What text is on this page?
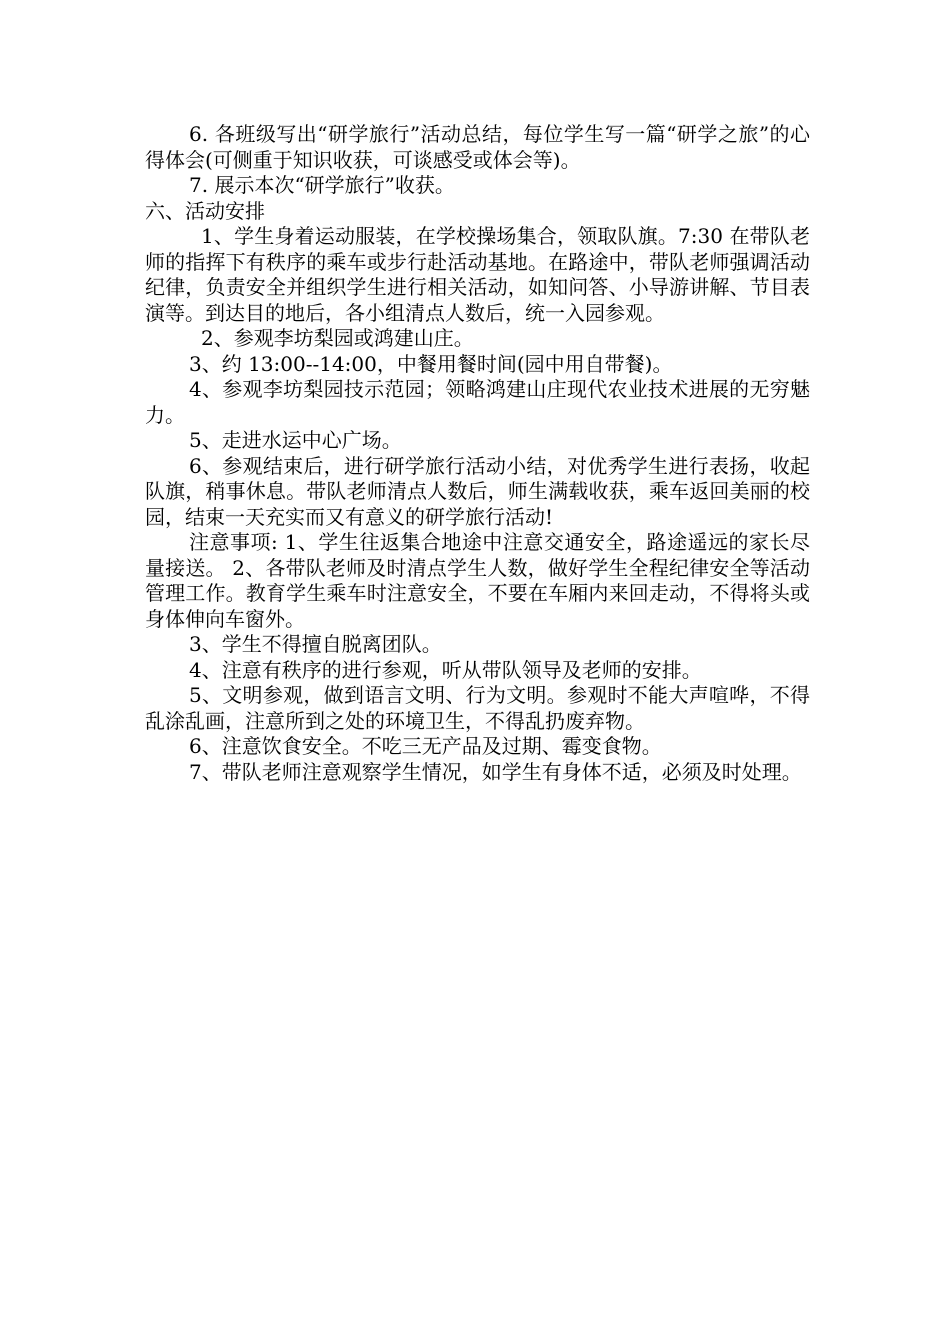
6. 各班级写出“研学旅行”活动总结，每位学生写一篇“研学之旅”的心得体会(可侧重于知识收获，可谈感受或体会等)。

7. 展示本次“研学旅行”收获。

六、活动安排

1、学生身着运动服装，在学校操场集合，领取队旗。7:30 在带队老师的指挥下有秩序的乘车或步行赴活动基地。在路途中，带队老师强调活动纪律，负责安全并组织学生进行相关活动，如知问答、小导游讲解、节目表演等。到达目的地后，各小组清点人数后，统一入园参观。

2、参观李坊梨园或鸿建山庄。

3、约 13:00--14:00，中餐用餐时间(园中用自带餐)。

4、参观李坊梨园技示范园；领略鸿建山庄现代农业技术进展的无穷魅力。

5、走进水运中心广场。

6、参观结束后，进行研学旅行活动小结，对优秀学生进行表扬，收起队旗，稍事休息。带队老师清点人数后，师生满载收获，乘车返回美丽的校园，结束一天充实而又有意义的研学旅行活动!

注意事项: 1、学生往返集合地途中注意交通安全，路途遥远的家长尽量接送。 2、各带队老师及时清点学生人数，做好学生全程纪律安全等活动管理工作。教育学生乘车时注意安全，不要在车厢内来回走动，不得将头或身体伸向车窗外。

3、学生不得擅自脱离团队。

4、注意有秩序的进行参观，听从带队领导及老师的安排。

5、文明参观，做到语言文明、行为文明。参观时不能大声喧哗，不得乱涂乱画，注意所到之处的环境卫生，不得乱扔废弃物。

6、注意饮食安全。不吃三无产品及过期、霉变食物。

7、带队老师注意观察学生情况，如学生有身体不适，必须及时处理。
